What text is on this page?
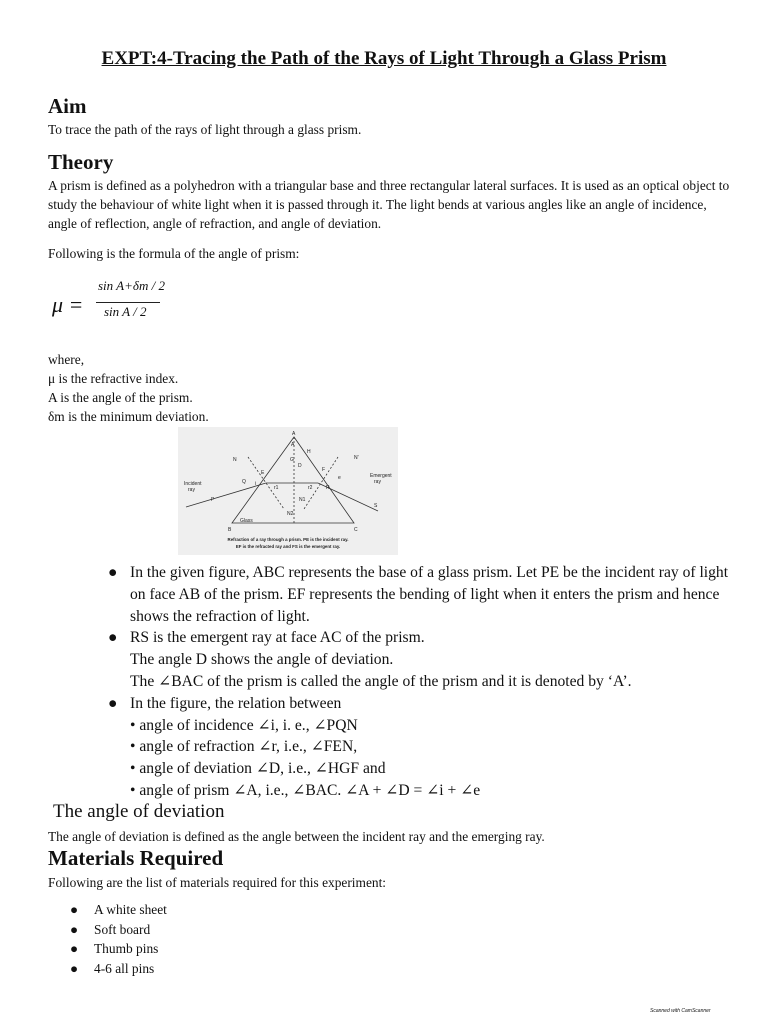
EXPT:4-Tracing the Path of the Rays of Light Through a Glass Prism
Aim
To trace the path of the rays of light through a glass prism.
Theory
A prism is defined as a polyhedron with a triangular base and three rectangular lateral surfaces. It is used as an optical object to study the behaviour of white light when it is passed through it. The light bends at various angles like an angle of incidence, angle of reflection, angle of refraction, and angle of deviation.
Following is the formula of the angle of prism:
μ =
sin A+δm / 2
sin A / 2
where,
μ is the refractive index.
A is the angle of the prism.
δm is the minimum deviation.
A
A
B	C
H
G
D
E	F
N	N'
N1
N2
P
Q
R
S
i
e
r1	r2
Incident
ray
Emergent
ray
Glass
Refraction of a ray through a prism. PE is the incident ray.
EF is the refracted ray and FS is the emergent ray.
● In the given figure, ABC represents the base of a glass prism. Let PE be the incident ray of light on face AB of the prism. EF represents the bending of light when it enters the prism and hence shows the refraction of light.
● RS is the emergent ray at face AC of the prism.
The angle D shows the angle of deviation.
The ∠BAC of the prism is called the angle of the prism and it is denoted by ‘A’.
● In the figure, the relation between
• angle of incidence ∠i, i. e., ∠PQN
• angle of refraction ∠r, i.e., ∠FEN,
• angle of deviation ∠D, i.e., ∠HGF and
• angle of prism ∠A, i.e., ∠BAC. ∠A + ∠D = ∠i + ∠e
The angle of deviation
The angle of deviation is defined as the angle between the incident ray and the emerging ray.
Materials Required
Following are the list of materials required for this experiment:
● A white sheet
● Soft board
● Thumb pins
● 4-6 all pins
Scanned with CamScanner
